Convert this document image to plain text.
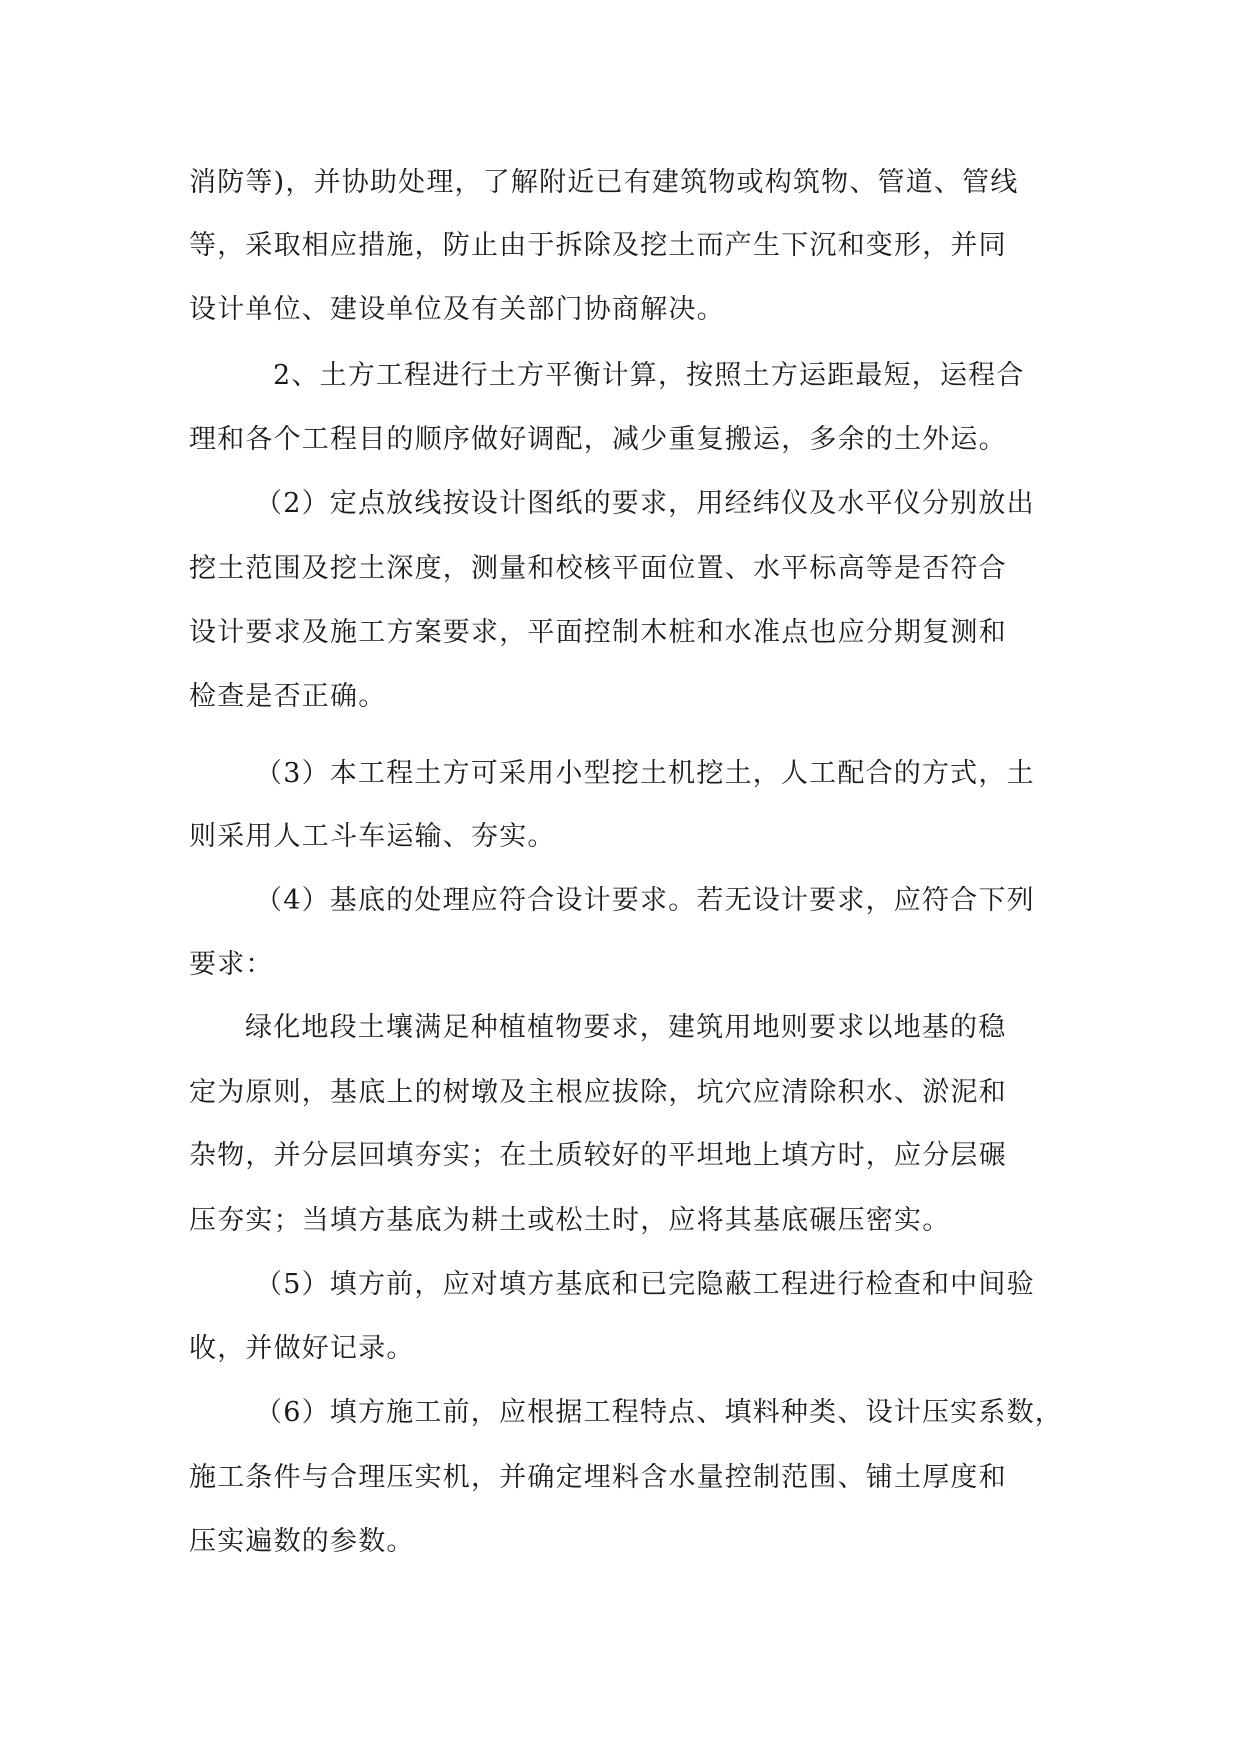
消防等)，并协助处理，了解附近已有建筑物或构筑物、管道、管线
等，采取相应措施，防止由于拆除及挖土而产生下沉和变形，并同
设计单位、建设单位及有关部门协商解决。
2、土方工程进行土方平衡计算，按照土方运距最短，运程合
理和各个工程目的顺序做好调配，减少重复搬运，多余的土外运。
（2）定点放线按设计图纸的要求，用经纬仪及水平仪分别放出
挖土范围及挖土深度，测量和校核平面位置、水平标高等是否符合
设计要求及施工方案要求，平面控制木桩和水准点也应分期复测和
检查是否正确。
（3）本工程土方可采用小型挖土机挖土，人工配合的方式，土
则采用人工斗车运输、夯实。
（4）基底的处理应符合设计要求。若无设计要求，应符合下列
要求：
绿化地段土壤满足种植植物要求，建筑用地则要求以地基的稳
定为原则，基底上的树墩及主根应拔除，坑穴应清除积水、淤泥和
杂物，并分层回填夯实；在土质较好的平坦地上填方时，应分层碾
压夯实；当填方基底为耕土或松土时，应将其基底碾压密实。
（5）填方前，应对填方基底和已完隐蔽工程进行检查和中间验
收，并做好记录。
（6）填方施工前，应根据工程特点、填料种类、设计压实系数，
施工条件与合理压实机，并确定埋料含水量控制范围、铺土厚度和
压实遍数的参数。
